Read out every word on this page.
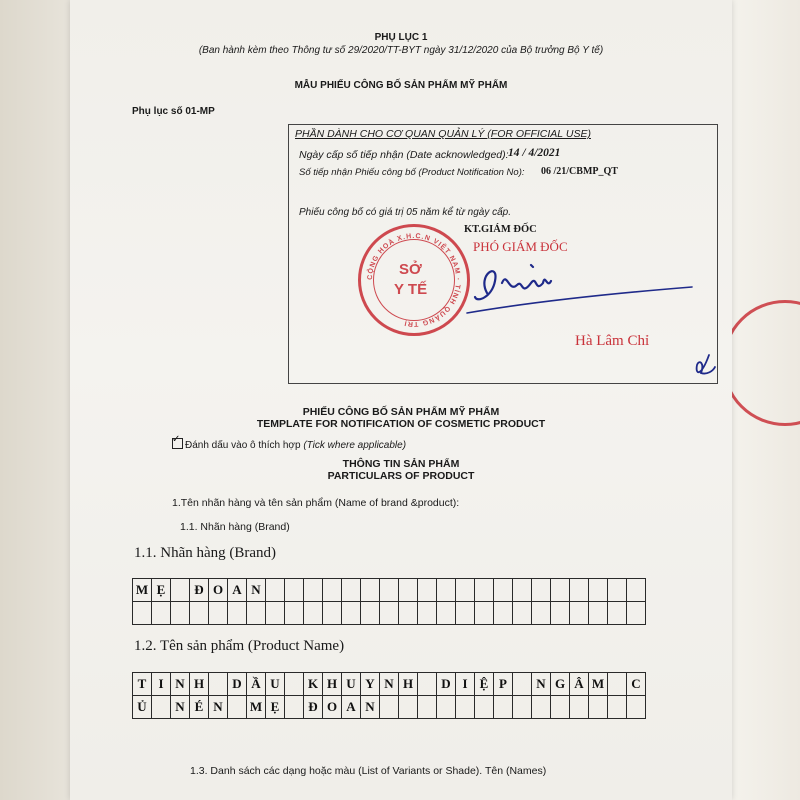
PHỤ LỤC 1
(Ban hành kèm theo Thông tư số 29/2020/TT-BYT ngày 31/12/2020 của Bộ trưởng Bộ Y tế)
MẪU PHIẾU CÔNG BỐ SẢN PHẨM MỸ PHẨM
Phụ lục số 01-MP
PHẦN DÀNH CHO CƠ QUAN QUẢN LÝ (FOR OFFICIAL USE)
Ngày cấp số tiếp nhận (Date acknowledged): 14 / 4/2021
Số tiếp nhận Phiếu công bố (Product Notification No): 06 /21/CBMP_QT
Phiếu công bố có giá trị 05 năm kể từ ngày cấp.
KT.GIÁM ĐỐC
PHÓ GIÁM ĐỐC
Hà Lâm Chỉ
CỘNG HOÀ X.H.C.N VIỆT NAM · TỈNH QUẢNG TRỊ
SỞ
Y TẾ
PHIẾU CÔNG BỐ SẢN PHẨM MỸ PHẨM
TEMPLATE FOR NOTIFICATION OF COSMETIC PRODUCT
✓Đánh dấu vào ô thích hợp (Tick where applicable)
THÔNG TIN SẢN PHẨM
PARTICULARS OF PRODUCT
1.Tên nhãn hàng và tên sản phẩm (Name of brand &product):
1.1. Nhãn hàng (Brand)
1.1. Nhãn hàng (Brand)
M	Ẹ		Đ	O	A	N																				

1.2. Tên sản phẩm (Product Name)
T	I	N	H		D	Ầ	U		K	H	U	Y	N	H		D	I	Ệ	P		N	G	Â	M		C
Ủ		N	É	N		M	Ẹ		Đ	O	A	N														
1.3. Danh sách các dạng hoặc màu (List of Variants or Shade). Tên (Names)
